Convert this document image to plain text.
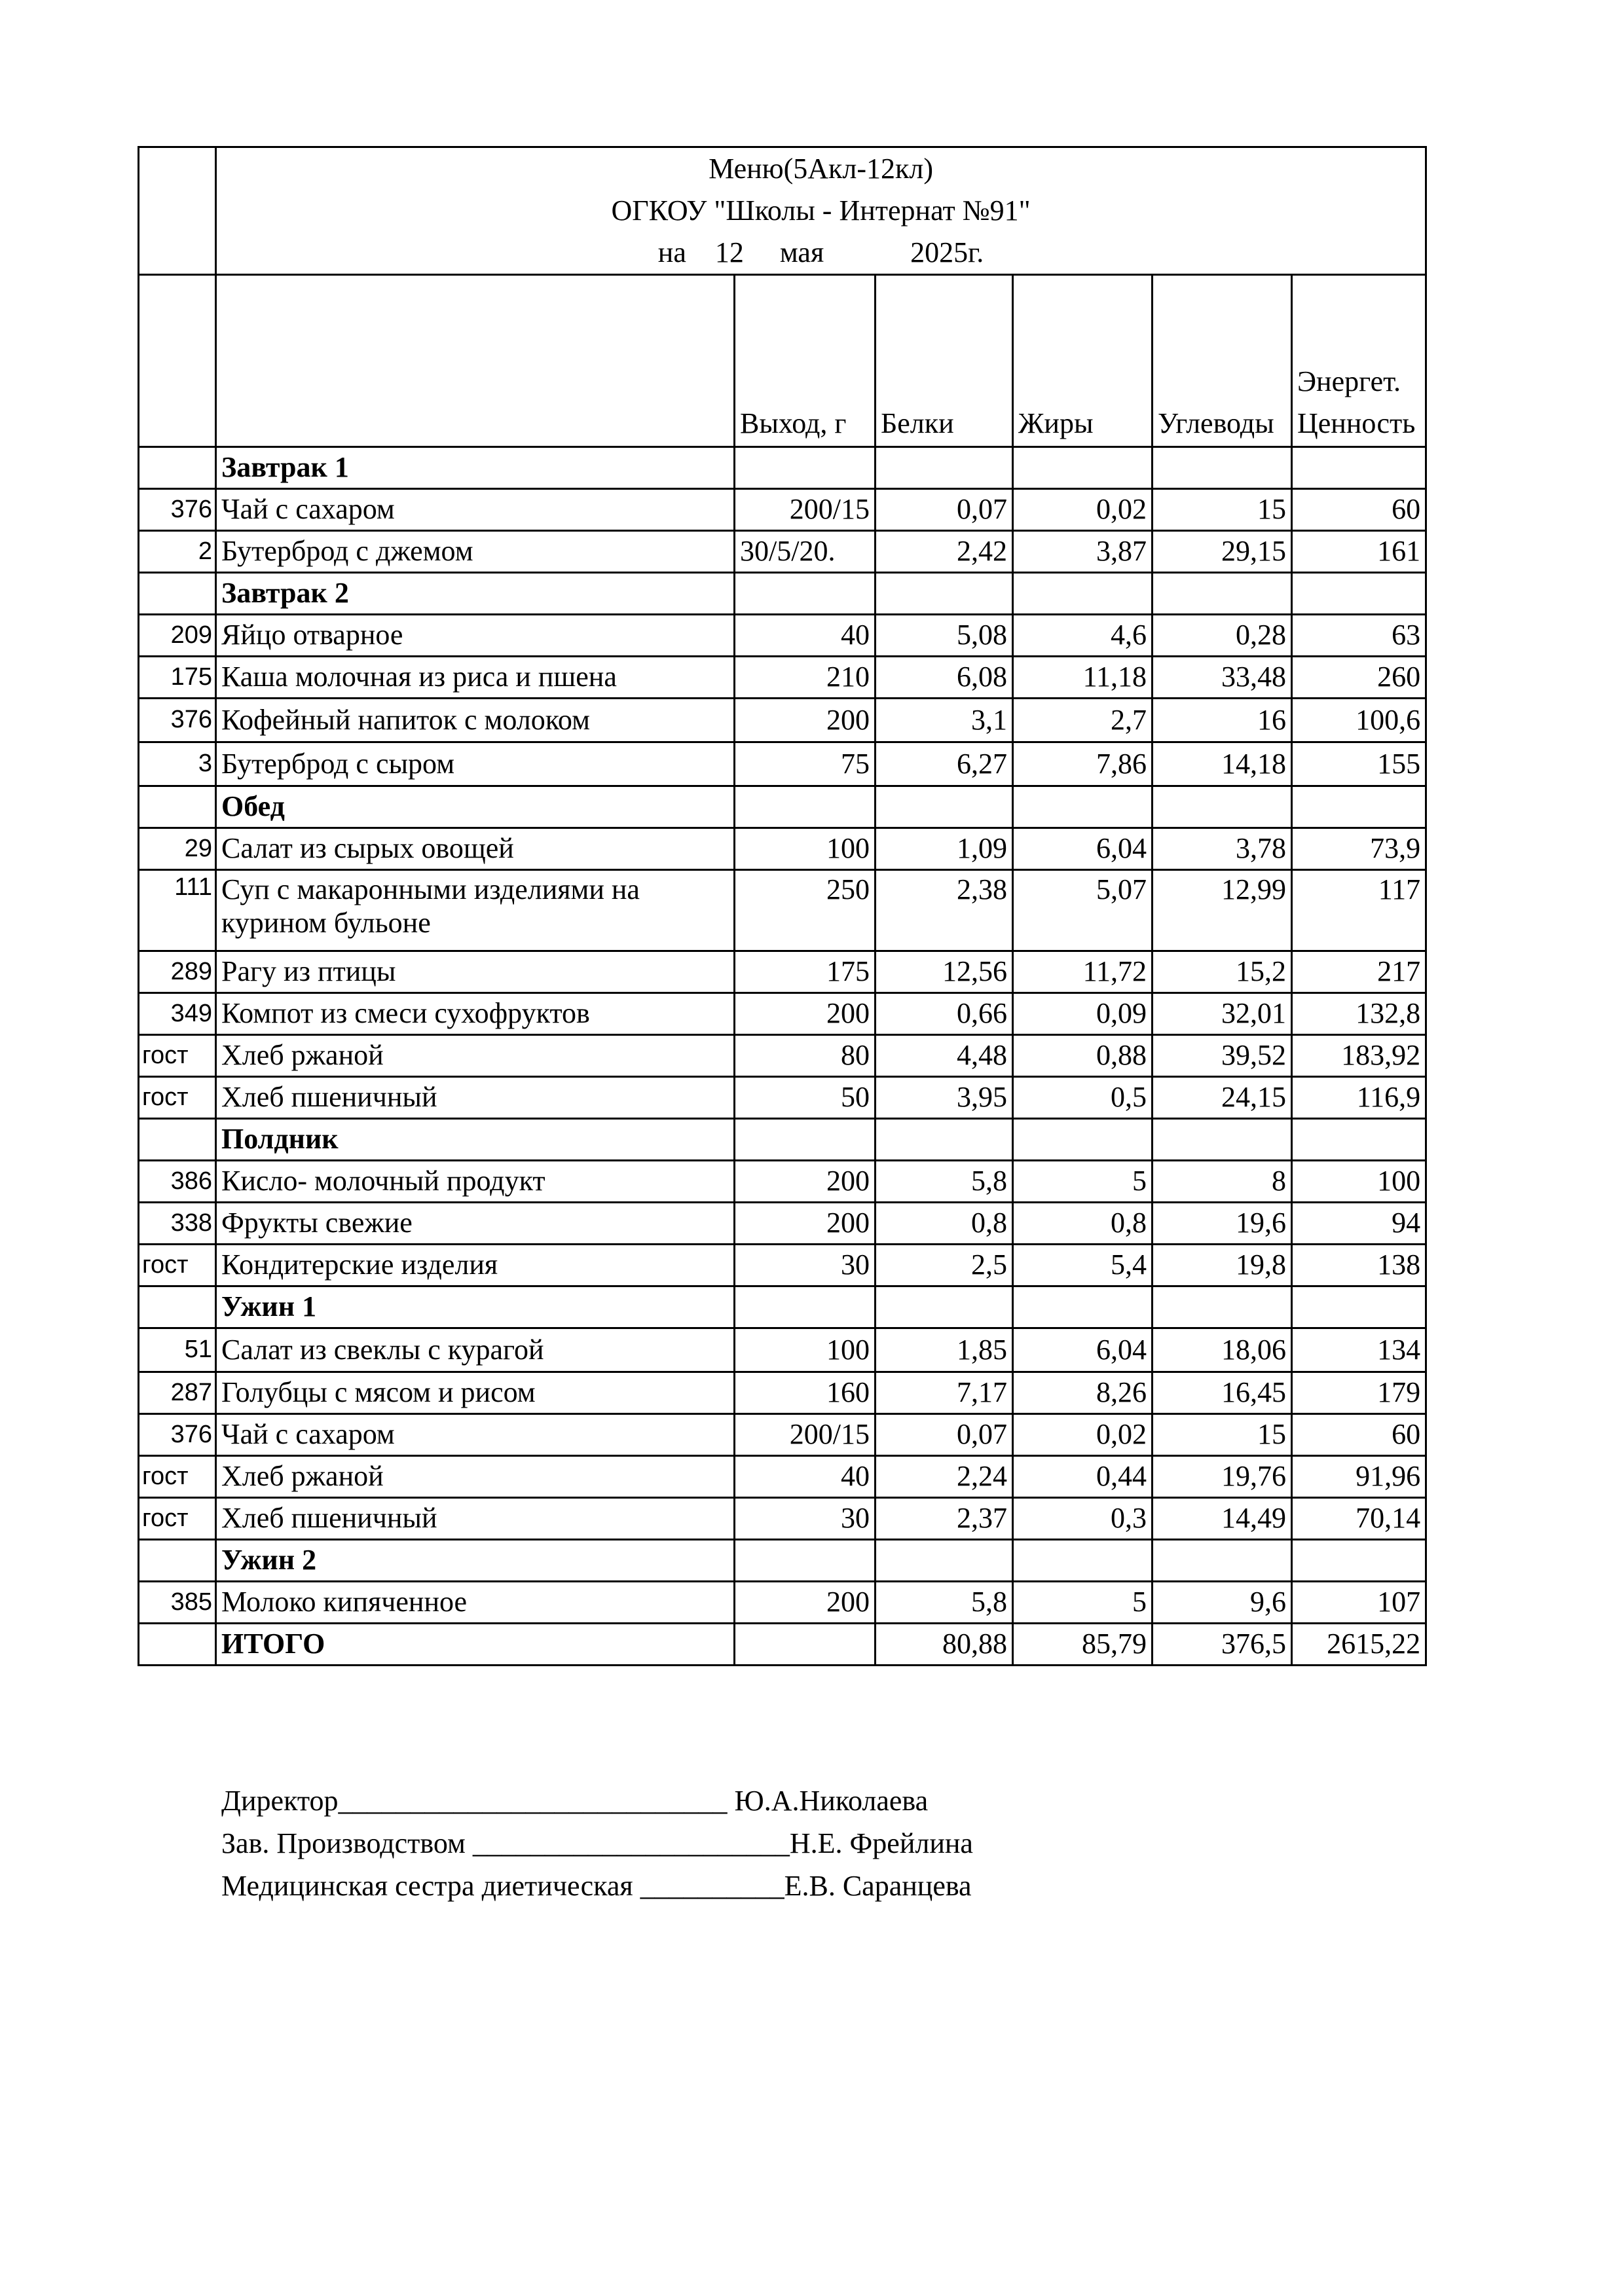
	Меню(5Акл-12кл)
ОГКОУ "Школы - Интернат №91"
на    12     мая            2025г.					

		Выход, г	Белки	Жиры	Углеводы	Энергет. Ценность
	Завтрак 1					
376	Чай с сахаром	200/15	0,07	0,02	15	60
2	Бутерброд с джемом	30/5/20.	2,42	3,87	29,15	161
	Завтрак 2					
209	Яйцо отварное	40	5,08	4,6	0,28	63
175	Каша молочная из риса и пшена	210	6,08	11,18	33,48	260
376	Кофейный напиток с молоком	200	3,1	2,7	16	100,6
3	Бутерброд с сыром	75	6,27	7,86	14,18	155
	Обед					
29	Салат из сырых овощей	100	1,09	6,04	3,78	73,9
111	Суп с макаронными изделиями на курином бульоне	250	2,38	5,07	12,99	117
289	Рагу из птицы	175	12,56	11,72	15,2	217
349	Компот из смеси сухофруктов	200	0,66	0,09	32,01	132,8
гост	Хлеб ржаной	80	4,48	0,88	39,52	183,92
гост	Хлеб пшеничный	50	3,95	0,5	24,15	116,9
	Полдник					
386	Кисло- молочный продукт	200	5,8	5	8	100
338	Фрукты свежие	200	0,8	0,8	19,6	94
гост	Кондитерские изделия	30	2,5	5,4	19,8	138
	Ужин 1					
51	Салат из свеклы с курагой	100	1,85	6,04	18,06	134
287	Голубцы с мясом и рисом	160	7,17	8,26	16,45	179
376	Чай с сахаром	200/15	0,07	0,02	15	60
гост	Хлеб ржаной	40	2,24	0,44	19,76	91,96
гост	Хлеб пшеничный	30	2,37	0,3	14,49	70,14
	Ужин 2					
385	Молоко кипяченное	200	5,8	5	9,6	107
	ИТОГО		80,88	85,79	376,5	2615,22
Директор___________________________ Ю.А.Николаева
Зав. Производством ______________________Н.Е. Фрейлина
Медицинская сестра диетическая __________Е.В. Саранцева
